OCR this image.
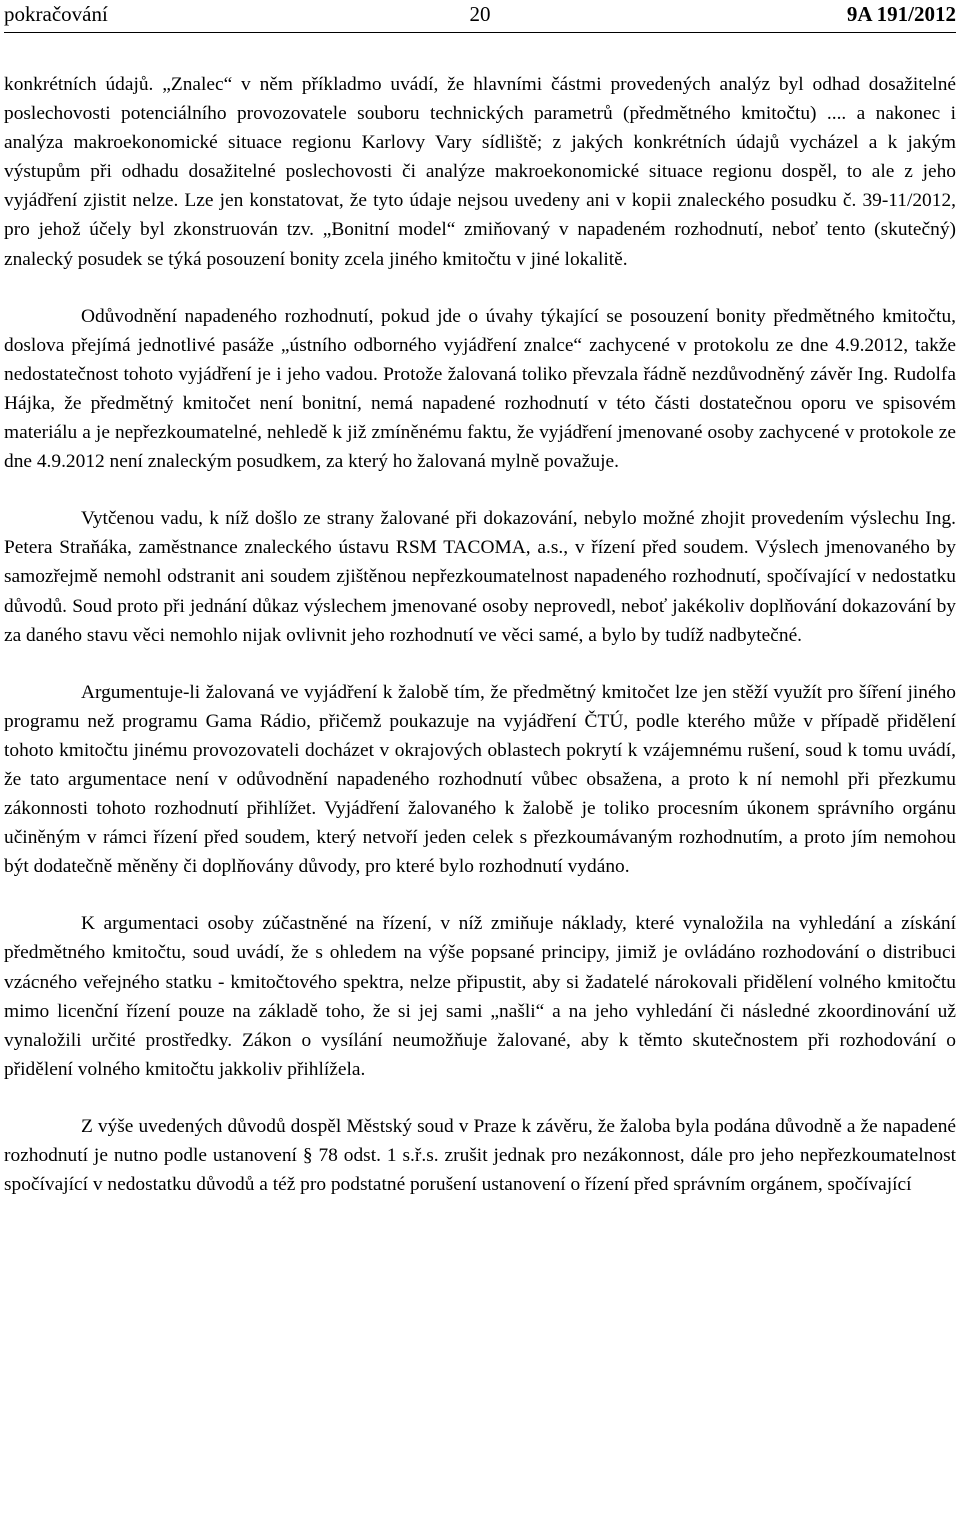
pokračování	20	9A 191/2012

konkrétních údajů. „Znalec“ v něm příkladmo uvádí, že hlavními částmi provedených analýz byl odhad dosažitelné poslechovosti potenciálního provozovatele souboru technických parametrů (předmětného kmitočtu) .... a nakonec i analýza makroekonomické situace regionu Karlovy Vary sídliště; z jakých konkrétních údajů vycházel a k jakým výstupům při odhadu dosažitelné poslechovosti či analýze makroekonomické situace regionu dospěl, to ale z jeho vyjádření zjistit nelze. Lze jen konstatovat, že tyto údaje nejsou uvedeny ani v kopii znaleckého posudku č. 39-11/2012, pro jehož účely byl zkonstruován tzv. „Bonitní model“ zmiňovaný v napadeném rozhodnutí, neboť tento (skutečný) znalecký posudek se týká posouzení bonity zcela jiného kmitočtu v jiné lokalitě.

Odůvodnění napadeného rozhodnutí, pokud jde o úvahy týkající se posouzení bonity předmětného kmitočtu, doslova přejímá jednotlivé pasáže „ústního odborného vyjádření znalce“ zachycené v protokolu ze dne 4.9.2012, takže nedostatečnost tohoto vyjádření je i jeho vadou. Protože žalovaná toliko převzala řádně nezdůvodněný závěr Ing. Rudolfa Hájka, že předmětný kmitočet není bonitní, nemá napadené rozhodnutí v této části dostatečnou oporu ve spisovém materiálu a je nepřezkoumatelné, nehledě k již zmíněnému faktu, že vyjádření jmenované osoby zachycené v protokole ze dne 4.9.2012 není znaleckým posudkem, za který ho žalovaná mylně považuje.

Vytčenou vadu, k níž došlo ze strany žalované při dokazování, nebylo možné zhojit provedením výslechu Ing. Petera Straňáka, zaměstnance znaleckého ústavu RSM TACOMA, a.s., v řízení před soudem. Výslech jmenovaného by samozřejmě nemohl odstranit ani soudem zjištěnou nepřezkoumatelnost napadeného rozhodnutí, spočívající v nedostatku důvodů. Soud proto při jednání důkaz výslechem jmenované osoby neprovedl, neboť jakékoliv doplňování dokazování by za daného stavu věci nemohlo nijak ovlivnit jeho rozhodnutí ve věci samé, a bylo by tudíž nadbytečné.

Argumentuje-li žalovaná ve vyjádření k žalobě tím, že předmětný kmitočet lze jen stěží využít pro šíření jiného programu než programu Gama Rádio, přičemž poukazuje na vyjádření ČTÚ, podle kterého může v případě přidělení tohoto kmitočtu jinému provozovateli docházet v okrajových oblastech pokrytí k vzájemnému rušení, soud k tomu uvádí, že tato argumentace není v odůvodnění napadeného rozhodnutí vůbec obsažena, a proto k ní nemohl při přezkumu zákonnosti tohoto rozhodnutí přihlížet. Vyjádření žalovaného k žalobě je toliko procesním úkonem správního orgánu učiněným v rámci řízení před soudem, který netvoří jeden celek s přezkoumávaným rozhodnutím, a proto jím nemohou být dodatečně měněny či doplňovány důvody, pro které bylo rozhodnutí vydáno.

K argumentaci osoby zúčastněné na řízení, v níž zmiňuje náklady, které vynaložila na vyhledání a získání předmětného kmitočtu, soud uvádí, že s ohledem na výše popsané principy, jimiž je ovládáno rozhodování o distribuci vzácného veřejného statku - kmitočtového spektra, nelze připustit, aby si žadatelé nárokovali přidělení volného kmitočtu mimo licenční řízení pouze na základě toho, že si jej sami „našli“ a na jeho vyhledání či následné zkoordinování už vynaložili určité prostředky. Zákon o vysílání neumožňuje žalované, aby k těmto skutečnostem při rozhodování o přidělení volného kmitočtu jakkoliv přihlížela.

Z výše uvedených důvodů dospěl Městský soud v Praze k závěru, že žaloba byla podána důvodně a že napadené rozhodnutí je nutno podle ustanovení § 78 odst. 1 s.ř.s. zrušit jednak pro nezákonnost, dále pro jeho nepřezkoumatelnost spočívající v nedostatku důvodů a též pro podstatné porušení ustanovení o řízení před správním orgánem, spočívající
